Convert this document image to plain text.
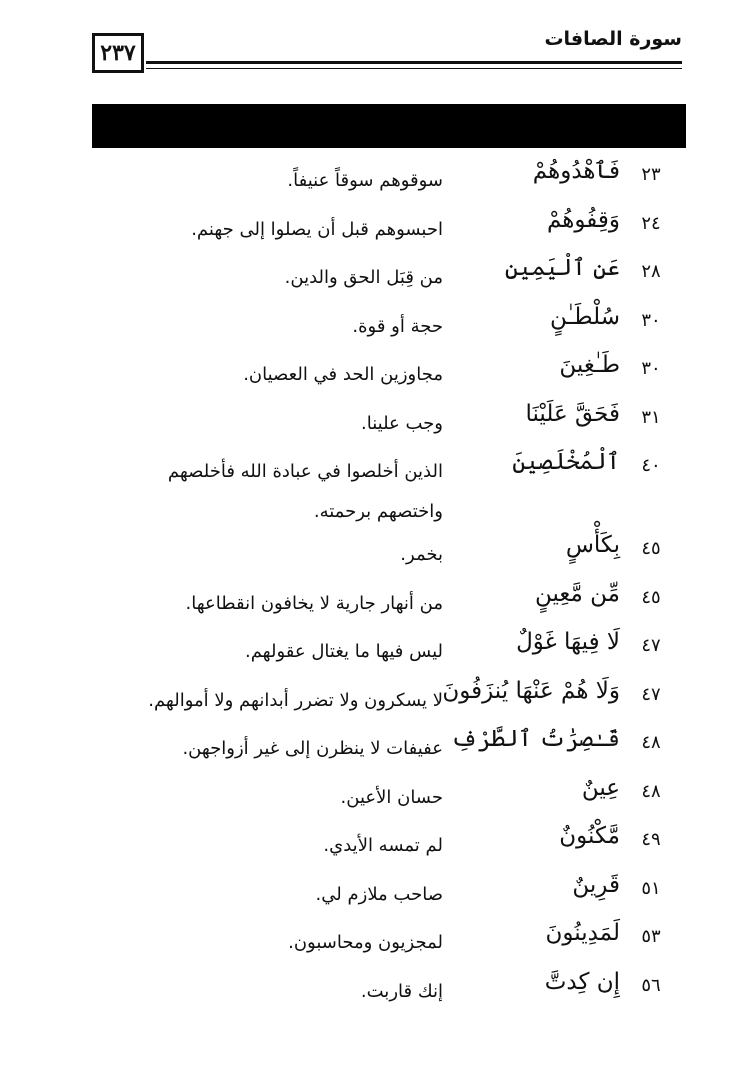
٢٣٧
سورة الصافات
٢٣
فَٱهْدُوهُمْ
سوقوهم سوقاً عنيفاً.
٢٤
وَقِفُوهُمْ
احبسوهم قبل أن يصلوا إلى جهنم.
٢٨
عَنِ ٱلْيَمِينِ
من قِبَل الحق والدين.
٣٠
سُلْطَـٰنٍ
حجة أو قوة.
٣٠
طَـٰغِينَ
مجاوزين الحد في العصيان.
٣١
فَحَقَّ عَلَيْنَا
وجب علينا.
٤٠
ٱلْمُخْلَصِينَ
الذين أخلصوا في عبادة الله فأخلصهم واختصهم برحمته.
٤٥
بِكَأْسٍ
بخمر.
٤٥
مِّن مَّعِينٍ
من أنهار جارية لا يخافون انقطاعها.
٤٧
لَا فِيهَا غَوْلٌ
ليس فيها ما يغتال عقولهم.
٤٧
وَلَا هُمْ عَنْهَا يُنزَفُونَ
لا يسكرون ولا تضرر أبدانهم ولا أموالهم.
٤٨
قَـٰصِرَٰتُ ٱلطَّرْفِ
عفيفات لا ينظرن إلى غير أزواجهن.
٤٨
عِينٌ
حسان الأعين.
٤٩
مَّكْنُونٌ
لم تمسه الأيدي.
٥١
قَرِينٌ
صاحب ملازم لي.
٥٣
لَمَدِينُونَ
لمجزيون ومحاسبون.
٥٦
إِن كِدتَّ
إنك قاربت.
